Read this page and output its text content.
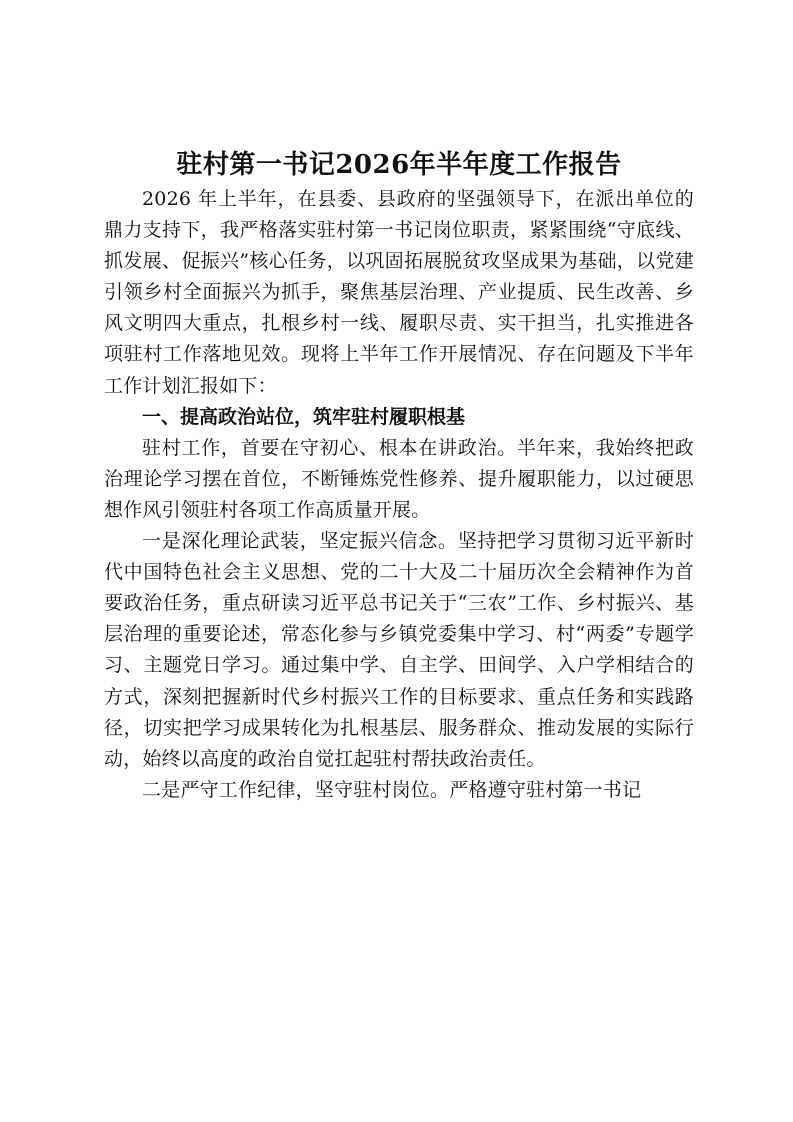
驻村第一书记2026年半年度工作报告

2026 年上半年，在县委、县政府的坚强领导下，在派出单位的鼎力支持下，我严格落实驻村第一书记岗位职责，紧紧围绕“守底线、抓发展、促振兴”核心任务，以巩固拓展脱贫攻坚成果为基础，以党建引领乡村全面振兴为抓手，聚焦基层治理、产业提质、民生改善、乡风文明四大重点，扎根乡村一线、履职尽责、实干担当，扎实推进各项驻村工作落地见效。现将上半年工作开展情况、存在问题及下半年工作计划汇报如下：

一、提高政治站位，筑牢驻村履职根基

驻村工作，首要在守初心、根本在讲政治。半年来，我始终把政治理论学习摆在首位，不断锤炼党性修养、提升履职能力，以过硬思想作风引领驻村各项工作高质量开展。

一是深化理论武装，坚定振兴信念。坚持把学习贯彻习近平新时代中国特色社会主义思想、党的二十大及二十届历次全会精神作为首要政治任务，重点研读习近平总书记关于“三农”工作、乡村振兴、基层治理的重要论述，常态化参与乡镇党委集中学习、村“两委”专题学习、主题党日学习。通过集中学、自主学、田间学、入户学相结合的方式，深刻把握新时代乡村振兴工作的目标要求、重点任务和实践路径，切实把学习成果转化为扎根基层、服务群众、推动发展的实际行动，始终以高度的政治自觉扛起驻村帮扶政治责任。

二是严守工作纪律，坚守驻村岗位。严格遵守驻村第一书记
